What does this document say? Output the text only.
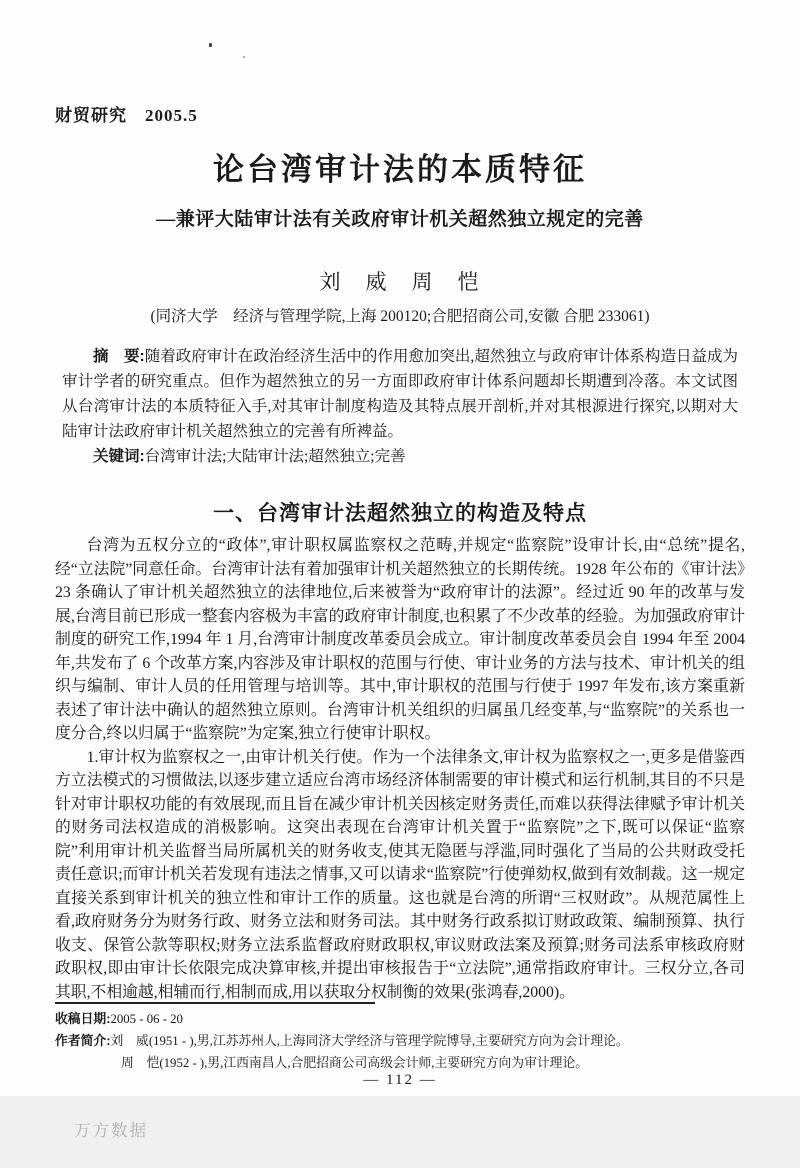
财贸研究 2005.5
论台湾审计法的本质特征
—兼评大陆审计法有关政府审计机关超然独立规定的完善
刘　威　周　恺
(同济大学　经济与管理学院,上海 200120;合肥招商公司,安徽 合肥 233061)

摘　要:随着政府审计在政治经济生活中的作用愈加突出,超然独立与政府审计体系构造日益成为审计学者的研究重点。但作为超然独立的另一方面即政府审计体系问题却长期遭到冷落。本文试图从台湾审计法的本质特征入手,对其审计制度构造及其特点展开剖析,并对其根源进行探究,以期对大陆审计法政府审计机关超然独立的完善有所裨益。

关键词:台湾审计法;大陆审计法;超然独立;完善

一、台湾审计法超然独立的构造及特点

台湾为五权分立的“政体”,审计职权属监察权之范畴,并规定“监察院”设审计长,由“总统”提名,经“立法院”同意任命。台湾审计法有着加强审计机关超然独立的长期传统。1928 年公布的《审计法》23 条确认了审计机关超然独立的法律地位,后来被誉为“政府审计的法源”。经过近 90 年的改革与发展,台湾目前已形成一整套内容极为丰富的政府审计制度,也积累了不少改革的经验。为加强政府审计制度的研究工作,1994 年 1 月,台湾审计制度改革委员会成立。审计制度改革委员会自 1994 年至 2004 年,共发布了 6 个改革方案,内容涉及审计职权的范围与行使、审计业务的方法与技术、审计机关的组织与编制、审计人员的任用管理与培训等。其中,审计职权的范围与行使于 1997 年发布,该方案重新表述了审计法中确认的超然独立原则。台湾审计机关组织的归属虽几经变革,与“监察院”的关系也一度分合,终以归属于“监察院”为定案,独立行使审计职权。

1.审计权为监察权之一,由审计机关行使。作为一个法律条文,审计权为监察权之一,更多是借鉴西方立法模式的习惯做法,以逐步建立适应台湾市场经济体制需要的审计模式和运行机制,其目的不只是针对审计职权功能的有效展现,而且旨在减少审计机关因核定财务责任,而难以获得法律赋予审计机关的财务司法权造成的消极影响。这突出表现在台湾审计机关置于“监察院”之下,既可以保证“监察院”利用审计机关监督当局所属机关的财务收支,使其无隐匿与浮滥,同时强化了当局的公共财政受托责任意识;而审计机关若发现有违法之情事,又可以请求“监察院”行使弹劾权,做到有效制裁。这一规定直接关系到审计机关的独立性和审计工作的质量。这也就是台湾的所谓“三权财政”。从规范属性上看,政府财务分为财务行政、财务立法和财务司法。其中财务行政系拟订财政政策、编制预算、执行收支、保管公款等职权;财务立法系监督政府财政职权,审议财政法案及预算;财务司法系审核政府财政职权,即由审计长依限完成决算审核,并提出审核报告于“立法院”,通常指政府审计。三权分立,各司其职,不相逾越,相辅而行,相制而成,用以获取分权制衡的效果(张鸿春,2000)。

收稿日期:2005 - 06 - 20

作者简介:刘　威(1951 - ),男,江苏苏州人,上海同济大学经济与管理学院博导,主要研究方向为会计理论。

周　恺(1952 - ),男,江西南昌人,合肥招商公司高级会计师,主要研究方向为审计理论。

— 112 —
万方数据
